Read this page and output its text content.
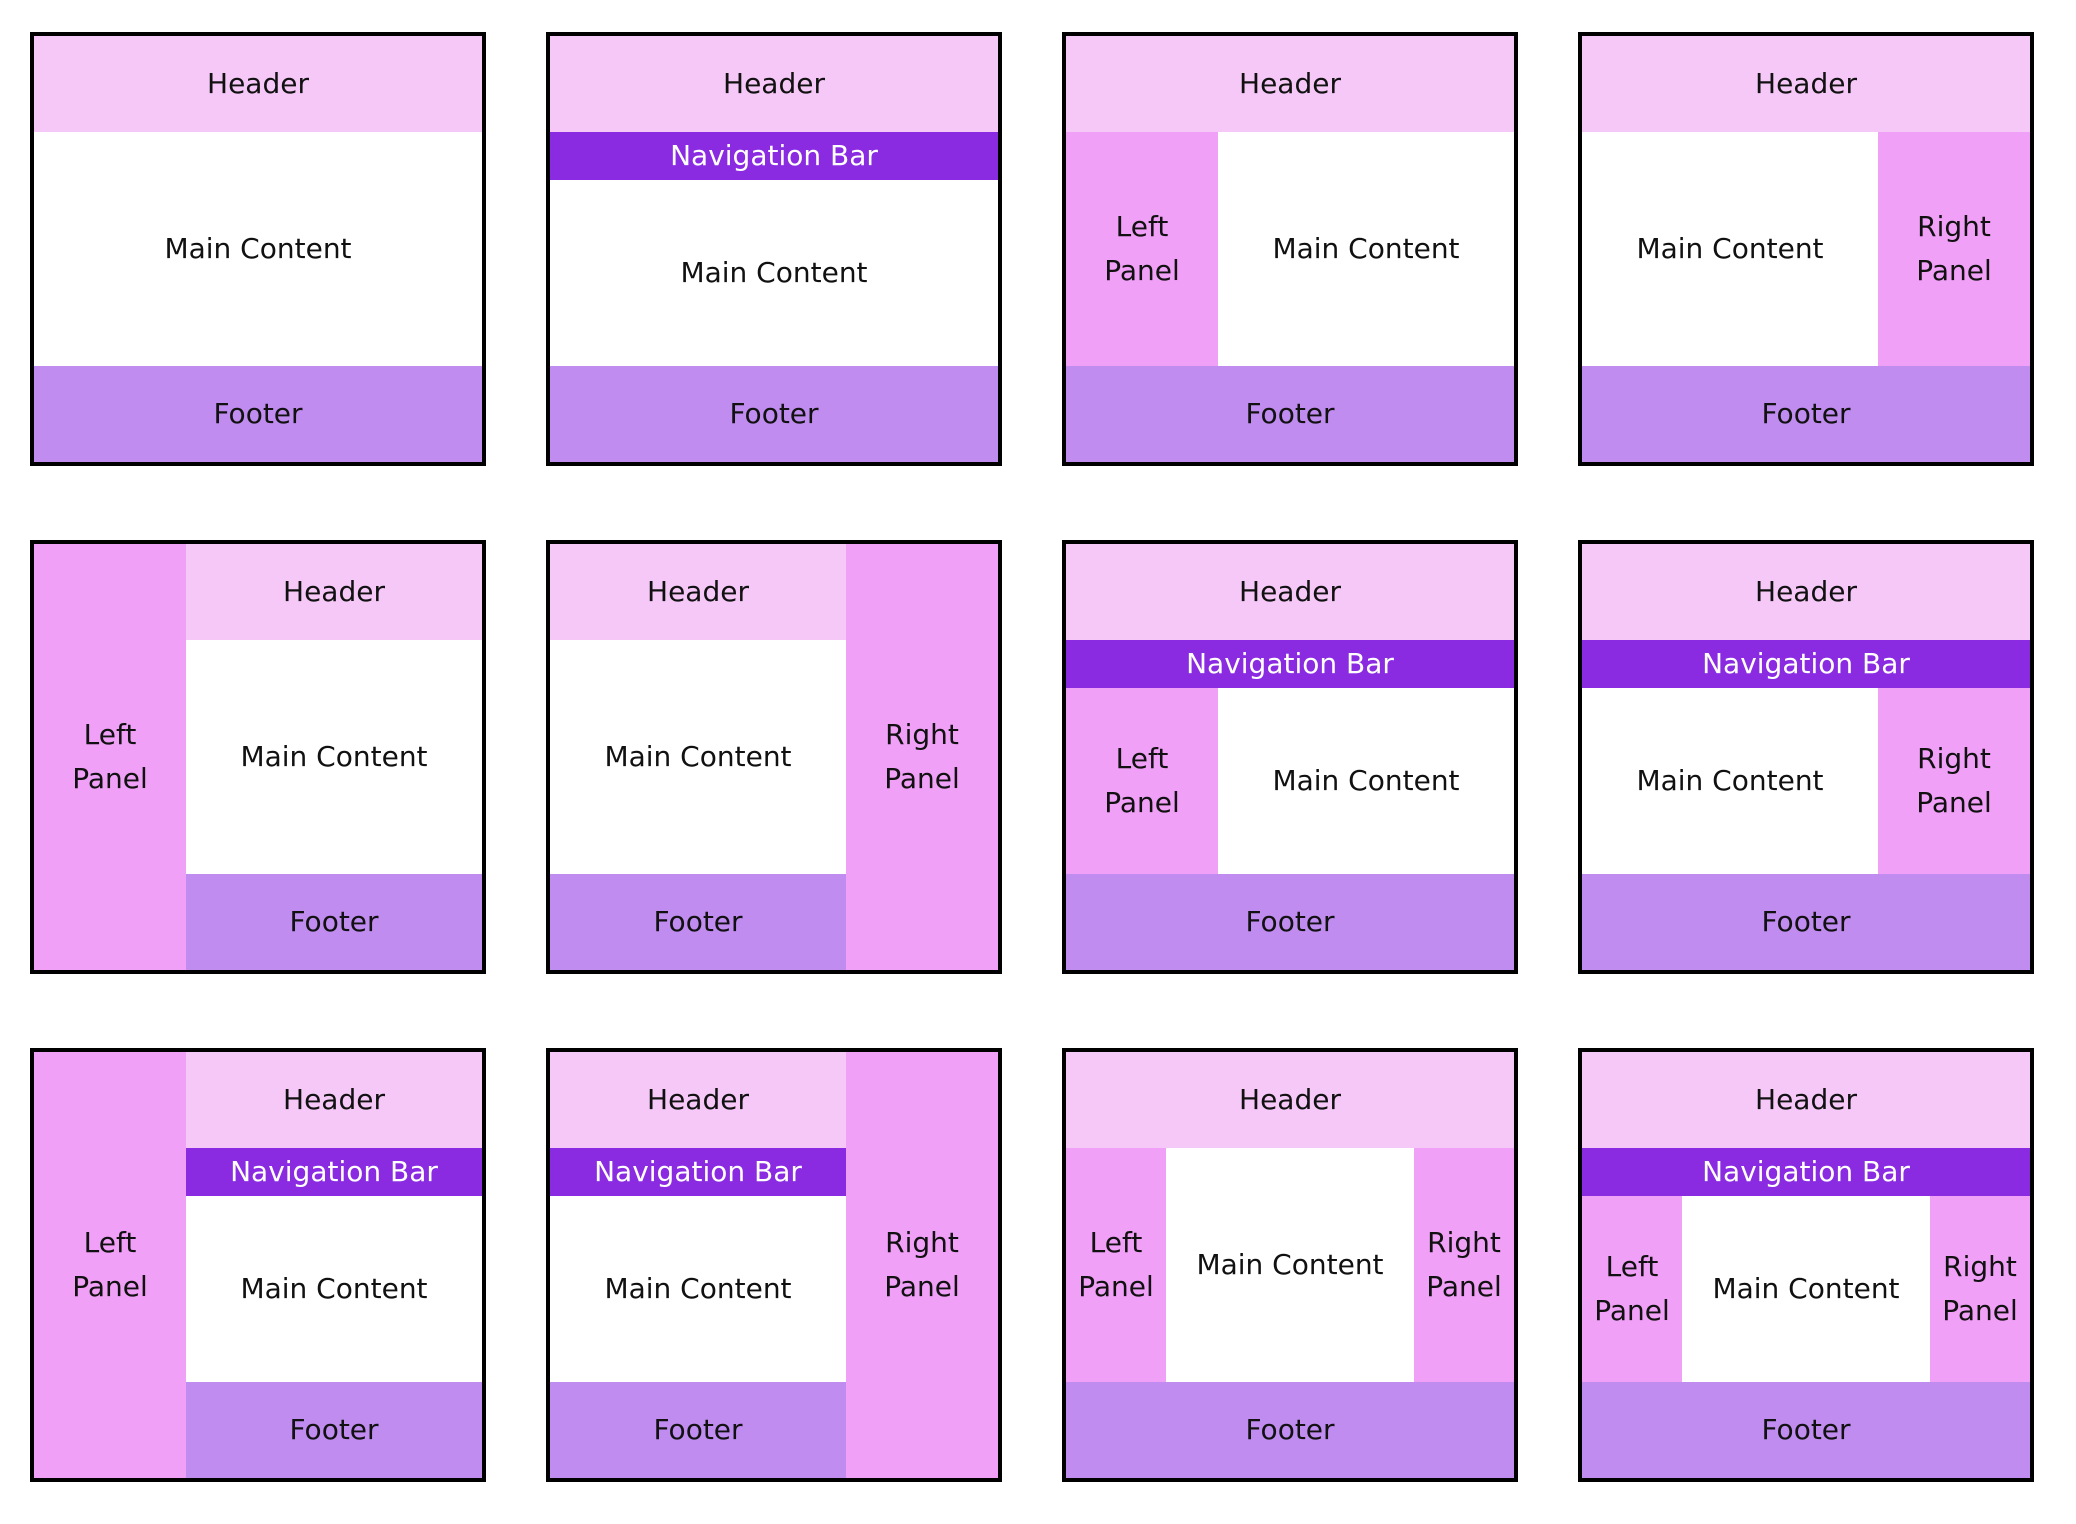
Header
Footer
Main Content
Header
Navigation Bar
Footer
Main Content
Header
Footer
Left
Panel
Main Content
Header
Footer
Right
Panel
Main Content
Left
Panel
Header
Footer
Main Content
Right
Panel
Header
Footer
Main Content
Header
Navigation Bar
Footer
Left
Panel
Main Content
Header
Navigation Bar
Footer
Right
Panel
Main Content
Left
Panel
Header
Navigation Bar
Footer
Main Content
Right
Panel
Header
Navigation Bar
Footer
Main Content
Header
Footer
Left
Panel
Right
Panel
Main Content
Header
Navigation Bar
Footer
Left
Panel
Right
Panel
Main Content
